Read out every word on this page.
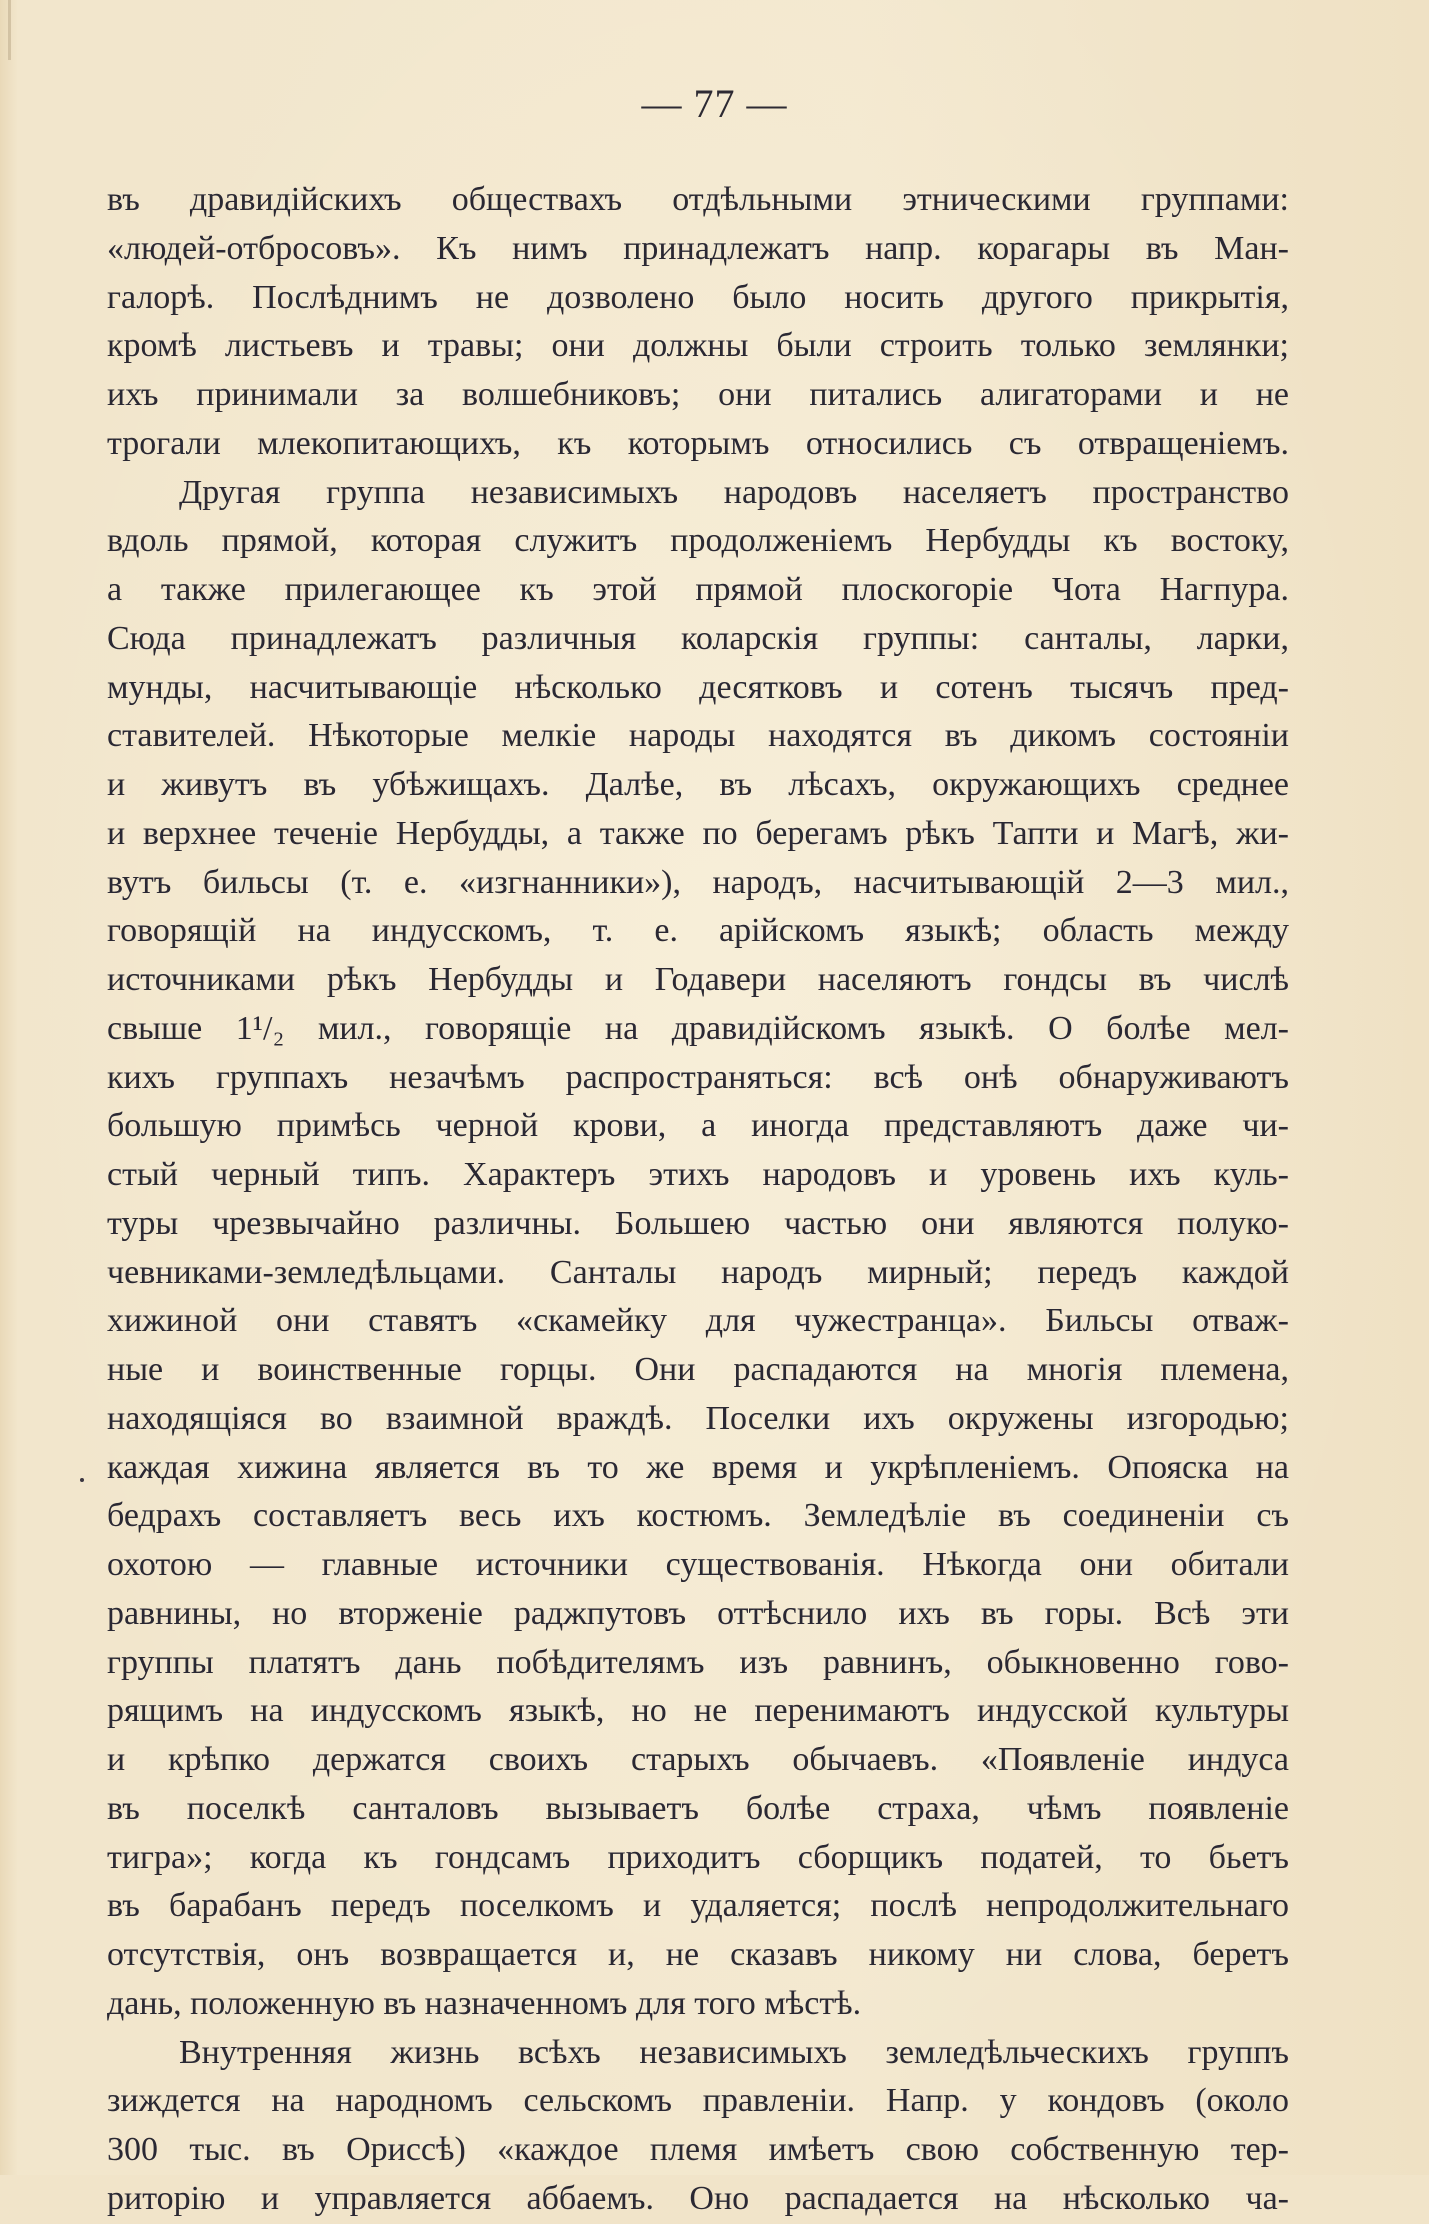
— 77 —
въ дравидійскихъ обществахъ отдѣльными этническими группами:
«людей-отбросовъ». Къ нимъ принадлежатъ напр. корагары въ Ман-
галорѣ. Послѣднимъ не дозволено было носить другого прикрытія,
кромѣ листьевъ и травы; они должны были строить только землянки;
ихъ принимали за волшебниковъ; они питались алигаторами и не
трогали млекопитающихъ, къ которымъ относились съ отвращеніемъ.
Другая группа независимыхъ народовъ населяетъ пространство
вдоль прямой, которая служитъ продолженіемъ Нербудды къ востоку,
а также прилегающее къ этой прямой плоскогоріе Чота Нагпура.
Сюда принадлежатъ различныя коларскія группы: санталы, ларки,
мунды, насчитывающіе нѣсколько десятковъ и сотенъ тысячъ пред-
ставителей. Нѣкоторые мелкіе народы находятся въ дикомъ состояніи
и живутъ въ убѣжищахъ. Далѣе, въ лѣсахъ, окружающихъ среднее
и верхнее теченіе Нербудды, а также по берегамъ рѣкъ Тапти и Магѣ, жи-
вутъ бильсы (т. е. «изгнанники»), народъ, насчитывающій 2—3 мил.,
говорящій на индусскомъ, т. е. арійскомъ языкѣ; область между
источниками рѣкъ Нербудды и Годавери населяютъ гондсы въ числѣ
свыше 1¹/₂ мил., говорящіе на дравидійскомъ языкѣ. О болѣе мел-
кихъ группахъ незачѣмъ распространяться: всѣ онѣ обнаруживаютъ
большую примѣсь черной крови, а иногда представляютъ даже чи-
стый черный типъ. Характеръ этихъ народовъ и уровень ихъ куль-
туры чрезвычайно различны. Большею частью они являются полуко-
чевниками-земледѣльцами. Санталы народъ мирный; передъ каждой
хижиной они ставятъ «скамейку для чужестранца». Бильсы отваж-
ные и воинственные горцы. Они распадаются на многія племена,
находящіяся во взаимной враждѣ. Поселки ихъ окружены изгородью;
каждая хижина является въ то же время и укрѣпленіемъ. Опояска на
бедрахъ составляетъ весь ихъ костюмъ. Земледѣліе въ соединеніи съ
охотою — главные источники существованія. Нѣкогда они обитали
равнины, но вторженіе раджпутовъ оттѣснило ихъ въ горы. Всѣ эти
группы платятъ дань побѣдителямъ изъ равнинъ, обыкновенно гово-
рящимъ на индусскомъ языкѣ, но не перенимаютъ индусской культуры
и крѣпко держатся своихъ старыхъ обычаевъ. «Появленіе индуса
въ поселкѣ санталовъ вызываетъ болѣе страха, чѣмъ появленіе
тигра»; когда къ гондсамъ приходитъ сборщикъ податей, то бьетъ
въ барабанъ передъ поселкомъ и удаляется; послѣ непродолжительнаго
отсутствія, онъ возвращается и, не сказавъ никому ни слова, беретъ
дань, положенную въ назначенномъ для того мѣстѣ.
Внутренняя жизнь всѣхъ независимыхъ земледѣльческихъ группъ
зиждется на народномъ сельскомъ правленіи. Напр. у кондовъ (около
300 тыс. въ Ориссѣ) «каждое племя имѣетъ свою собственную тер-
риторію и управляется аббаемъ. Оно распадается на нѣсколько ча-
